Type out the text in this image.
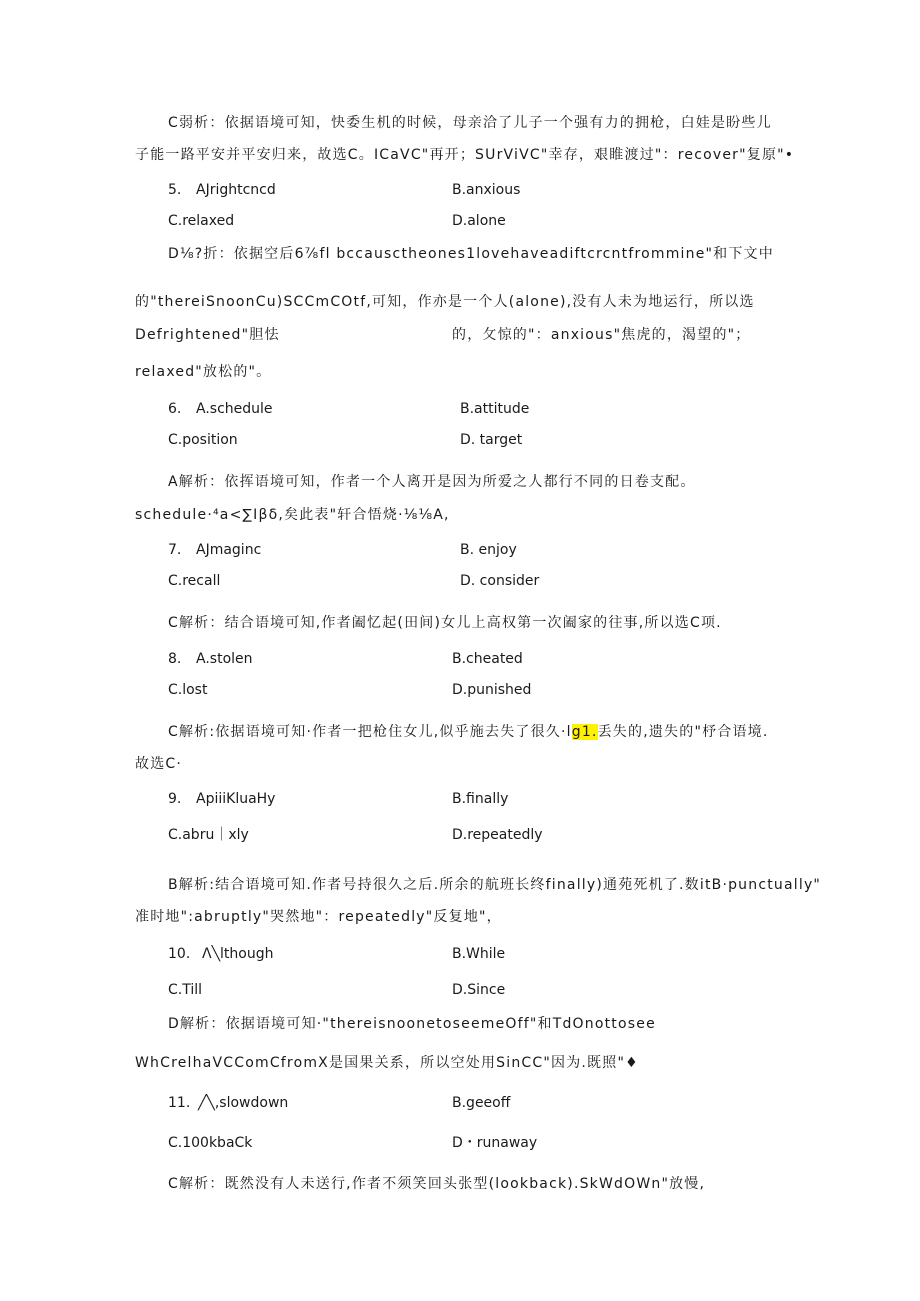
C弱析：依据语境可知，快委生机的时候，母亲洽了儿子一个强有力的拥枪，白娃是盼些儿
子能一路平安并平安归来，故选C。ICaVC"再开；SUrViVC"幸存，艰睢渡过"：recover"复原"•
5. AJrightcncd	B.anxious
C.relaxed	D.alone
D⅛?折：依据空后6⅞fl bccausctheones1lovehaveadiftcrcntfrommine"和下文中
的"thereiSnoonCu)SCCmCOtf,可知，作亦是一个人(alone),没有人未为地运行，所以选
Defrightened"胆怯	的，攵惊的"：anxious"焦虎的，渴望的"；
relaxed"放松的"。
6. A.schedule	B.attitude
C.position	D. target
A解析：依挥语境可知，作者一个人离开是因为所爱之人都行不同的日卷支配。
schedule·⁴a<∑Iβδ,矣此表"轩合悟烧·⅛⅛A,
7. AJmaginc	B. enjoy
C.recall	D. consider
C解析：结合语境可知,作者阖忆起(田间)女儿上高权第一次阖家的往事,所以选C项.
8. A.stolen	B.cheated
C.lost	D.punished
C解析:依据语境可知·作者一把枪住女儿,似乎施去失了很久·lg1.丢失的,遗失的"杼合语境.
故选C·
9. ApiiiKluaHy	B.finally
C.abru｜xly	D.repeatedly
B解析:结合语境可知.作者号持很久之后.所余的航班长终finally)通苑死机了.数itB·punctually"
准时地":abruptly"哭然地"：repeatedly"反复地"，
10. Λ╲lthough	B.While
C.Till	D.Since
D解析：依据语境可知·"thereisnoonetoseemeOff"和TdOnottosee
WhCrelhaVCComCfromX是国果关系，所以空处用SinCC"因为.既照"♦
11. ╱╲,slowdown	B.geeoff
C.100kbaCk	D・runaway
C解析：既然没有人未送行,作者不须笑回头张型(lookback).SkWdOWn"放慢,
